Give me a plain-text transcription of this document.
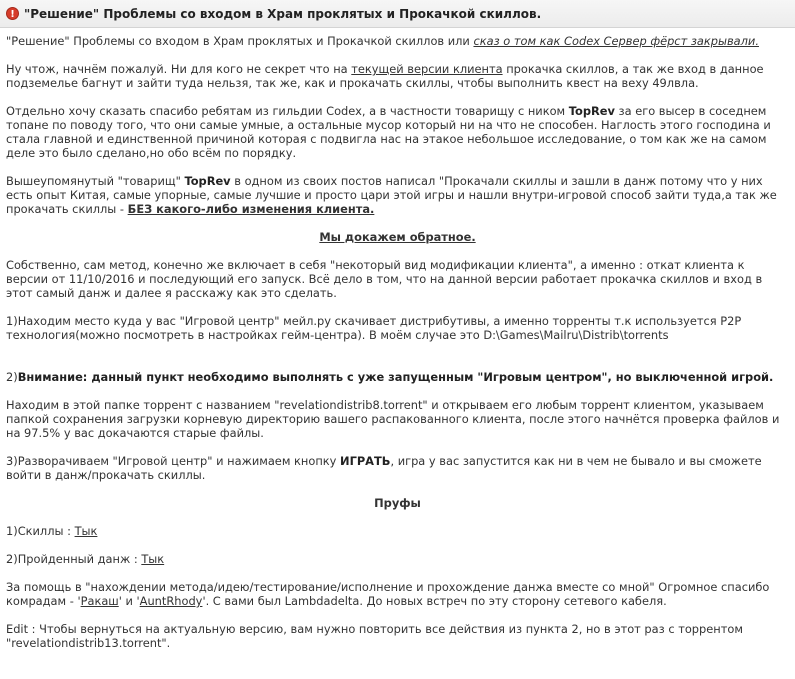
! "Решение" Проблемы со входом в Храм проклятых и Прокачкой скиллов.

"Решение" Проблемы со входом в Храм проклятых и Прокачкой скиллов или сказ о том как Codex Сервер фёрст закрывали.

Ну чтож, начнём пожалуй. Ни для кого не секрет что на текущей версии клиента прокачка скиллов, а так же вход в данное подземелье багнут и зайти туда нельзя, так же, как и прокачать скиллы, чтобы выполнить квест на веху 49лвла.

Отдельно хочу сказать спасибо ребятам из гильдии Codex, а в частности товарищу с ником TopRev за его высер в соседнем топане по поводу того, что они самые умные, а остальные мусор который ни на что не способен. Наглость этого господина и стала главной и единственной причиной которая с подвигла нас на этакое небольшое исследование, о том как же на самом деле это было сделано,но обо всём по порядку.

Вышеупомянутый "товарищ" TopRev в одном из своих постов написал "Прокачали скиллы и зашли в данж потому что у них есть опыт Китая, самые упорные, самые лучшие и просто цари этой игры и нашли внутри-игровой способ зайти туда,а так же прокачать скиллы - БЕЗ какого-либо изменения клиента.

Мы докажем обратное.

Собственно, сам метод, конечно же включает в себя "некоторый вид модификации клиента", а именно : откат клиента к версии от 11/10/2016 и последующий его запуск. Всё дело в том, что на данной версии работает прокачка скиллов и вход в этот самый данж и далее я расскажу как это сделать.

1)Находим место куда у вас "Игровой центр" мейл.ру скачивает дистрибутивы, а именно торренты т.к используется P2P технология(можно посмотреть в настройках гейм-центра). В моём случае это D:\Games\Mailru\Distrib\torrents

2)Внимание: данный пункт необходимо выполнять с уже запущенным "Игровым центром", но выключенной игрой.

Находим в этой папке торрент с названием "revelationdistrib8.torrent" и открываем его любым торрент клиентом, указываем папкой сохранения загрузки корневую директорию вашего распакованного клиента, после этого начнётся проверка файлов и на 97.5% у вас докачаются старые файлы.

3)Разворачиваем "Игровой центр" и нажимаем кнопку ИГРАТЬ, игра у вас запустится как ни в чем не бывало и вы сможете войти в данж/прокачать скиллы.

Пруфы

1)Скиллы : Тык

2)Пройденный данж : Тык

За помощь в "нахождении метода/идею/тестирование/исполнение и прохождение данжа вместе со мной" Огромное спасибо комрадам - 'Ракаш' и 'AuntRhody'. С вами был Lambdadelta. До новых встреч по эту сторону сетевого кабеля.

Edit : Чтобы вернуться на актуальную версию, вам нужно повторить все действия из пункта 2, но в этот раз с торрентом "revelationdistrib13.torrent".
